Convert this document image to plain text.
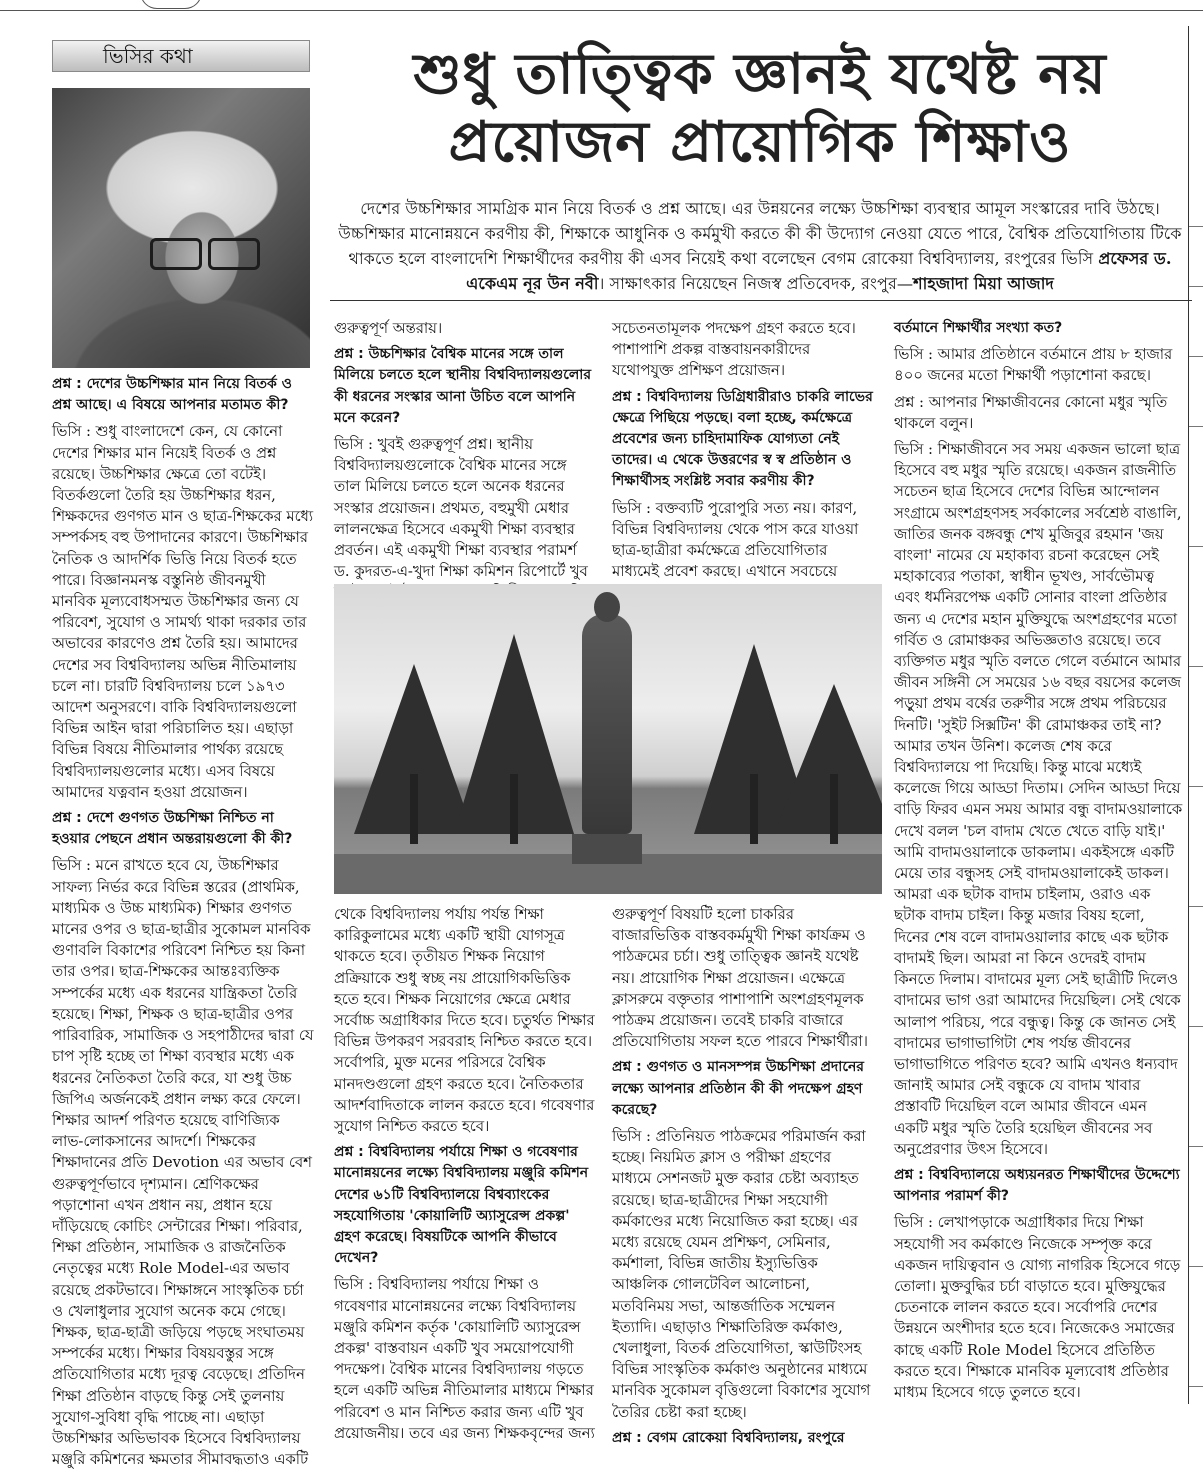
ভিসির কথা	শুধু তাত্ত্বিক জ্ঞানই যথেষ্ট নয়
প্রয়োজন প্রায়োগিক শিক্ষাও
দেশের উচ্চশিক্ষার সামগ্রিক মান নিয়ে বিতর্ক ও প্রশ্ন আছে। এর উন্নয়নের লক্ষ্যে উচ্চশিক্ষা ব্যবস্থার আমূল সংস্কারের দাবি উঠছে। উচ্চশিক্ষার মানোন্নয়নে করণীয় কী, শিক্ষাকে আধুনিক ও কর্মমুখী করতে কী কী উদ্যোগ নেওয়া যেতে পারে, বৈশ্বিক প্রতিযোগিতায় টিকে থাকতে হলে বাংলাদেশি শিক্ষার্থীদের করণীয় কী এসব নিয়েই কথা বলেছেন বেগম রোকেয়া বিশ্ববিদ্যালয়, রংপুরের ভিসি প্রফেসর ড. একেএম নূর উন নবী। সাক্ষাৎকার নিয়েছেন নিজস্ব প্রতিবেদক, রংপুর—শাহজাদা মিয়া আজাদ

প্রশ্ন : দেশের উচ্চশিক্ষার মান নিয়ে বিতর্ক ও প্রশ্ন আছে। এ বিষয়ে আপনার মতামত কী?

ভিসি : শুধু বাংলাদেশে কেন, যে কোনো দেশের শিক্ষার মান নিয়েই বিতর্ক ও প্রশ্ন রয়েছে। উচ্চশিক্ষার ক্ষেত্রে তো বটেই। বিতর্কগুলো তৈরি হয় উচ্চশিক্ষার ধরন, শিক্ষকদের গুণগত মান ও ছাত্র-শিক্ষকের মধ্যে সম্পর্কসহ বহু উপাদানের কারণে। উচ্চশিক্ষার নৈতিক ও আদর্শিক ভিত্তি নিয়ে বিতর্ক হতে পারে। বিজ্ঞানমনস্ক বস্তুনিষ্ঠ জীবনমুখী মানবিক মূল্যবোধসম্মত উচ্চশিক্ষার জন্য যে পরিবেশ, সুযোগ ও সামর্থ্য থাকা দরকার তার অভাবের কারণেও প্রশ্ন তৈরি হয়। আমাদের দেশের সব বিশ্ববিদ্যালয় অভিন্ন নীতিমালায় চলে না। চারটি বিশ্ববিদ্যালয় চলে ১৯৭৩ আদেশ অনুসরণে। বাকি বিশ্ববিদ্যালয়গুলো বিভিন্ন আইন দ্বারা পরিচালিত হয়। এছাড়া বিভিন্ন বিষয়ে নীতিমালার পার্থক্য রয়েছে বিশ্ববিদ্যালয়গুলোর মধ্যে। এসব বিষয়ে আমাদের যত্নবান হওয়া প্রয়োজন।

প্রশ্ন : দেশে গুণগত উচ্চশিক্ষা নিশ্চিত না হওয়ার পেছনে প্রধান অন্তরায়গুলো কী কী?

ভিসি : মনে রাখতে হবে যে, উচ্চশিক্ষার সাফল্য নির্ভর করে বিভিন্ন স্তরের (প্রাথমিক, মাধ্যমিক ও উচ্চ মাধ্যমিক) শিক্ষার গুণগত মানের ওপর ও ছাত্র-ছাত্রীর সুকোমল মানবিক গুণাবলি বিকাশের পরিবেশ নিশ্চিত হয় কিনা তার ওপর। ছাত্র-শিক্ষকের আন্তঃব্যক্তিক সম্পর্কের মধ্যে এক ধরনের যান্ত্রিকতা তৈরি হয়েছে। শিক্ষা, শিক্ষক ও ছাত্র-ছাত্রীর ওপর পারিবারিক, সামাজিক ও সহপাঠীদের দ্বারা যে চাপ সৃষ্টি হচ্ছে তা শিক্ষা ব্যবস্থার মধ্যে এক ধরনের নৈতিকতা তৈরি করে, যা শুধু উচ্চ জিপিএ অর্জনকেই প্রধান লক্ষ্য করে ফেলে। শিক্ষার আদর্শ পরিণত হয়েছে বাণিজ্যিক লাভ-লোকসানের আদর্শে। শিক্ষকের শিক্ষাদানের প্রতি Devotion এর অভাব বেশ গুরুত্বপূর্ণভাবে দৃশ্যমান। শ্রেণিকক্ষের পড়াশোনা এখন প্রধান নয়, প্রধান হয়ে দাঁড়িয়েছে কোচিং সেন্টারের শিক্ষা। পরিবার, শিক্ষা প্রতিষ্ঠান, সামাজিক ও রাজনৈতিক নেতৃত্বের মধ্যে Role Model-এর অভাব রয়েছে প্রকটভাবে। শিক্ষাঙ্গনে সাংস্কৃতিক চর্চা ও খেলাধুলার সুযোগ অনেক কমে গেছে। শিক্ষক, ছাত্র-ছাত্রী জড়িয়ে পড়ছে সংঘাতময় সম্পর্কের মধ্যে। শিক্ষার বিষয়বস্তুর সঙ্গে প্রতিযোগিতার মধ্যে দূরত্ব বেড়েছে। প্রতিদিন শিক্ষা প্রতিষ্ঠান বাড়ছে কিন্তু সেই তুলনায় সুযোগ-সুবিধা বৃদ্ধি পাচ্ছে না। এছাড়া উচ্চশিক্ষার অভিভাবক হিসেবে বিশ্ববিদ্যালয় মঞ্জুরি কমিশনের ক্ষমতার সীমাবদ্ধতাও একটি

গুরুত্বপূর্ণ অন্তরায়।

প্রশ্ন : উচ্চশিক্ষার বৈশ্বিক মানের সঙ্গে তাল মিলিয়ে চলতে হলে স্থানীয় বিশ্ববিদ্যালয়গুলোর কী ধরনের সংস্কার আনা উচিত বলে আপনি মনে করেন?

ভিসি : খুবই গুরুত্বপূর্ণ প্রশ্ন। স্থানীয় বিশ্ববিদ্যালয়গুলোকে বৈশ্বিক মানের সঙ্গে তাল মিলিয়ে চলতে হলে অনেক ধরনের সংস্কার প্রয়োজন। প্রথমত, বহুমুখী মেধার লালনক্ষেত্র হিসেবে একমুখী শিক্ষা ব্যবস্থার প্রবর্তন। এই একমুখী শিক্ষা ব্যবস্থার পরামর্শ ড. কুদরত-এ-খুদা শিক্ষা কমিশন রিপোর্টে খুব

সচেতনতামূলক পদক্ষেপ গ্রহণ করতে হবে। পাশাপাশি প্রকল্প বাস্তবায়নকারীদের যথোপযুক্ত প্রশিক্ষণ প্রয়োজন।

প্রশ্ন : বিশ্ববিদ্যালয় ডিগ্রিধারীরাও চাকরি লাভের ক্ষেত্রে পিছিয়ে পড়ছে। বলা হচ্ছে, কর্মক্ষেত্রে প্রবেশের জন্য চাহিদামাফিক যোগ্যতা নেই তাদের। এ থেকে উত্তরণের স্ব স্ব প্রতিষ্ঠান ও শিক্ষার্থীসহ সংশ্লিষ্ট সবার করণীয় কী?

ভিসি : বক্তব্যটি পুরোপুরি সত্য নয়। কারণ, বিভিন্ন বিশ্ববিদ্যালয় থেকে পাস করে যাওয়া ছাত্র-ছাত্রীরা কর্মক্ষেত্রে প্রতিযোগিতার মাধ্যমেই প্রবেশ করছে। এখানে সবচেয়ে

বর্তমানে শিক্ষার্থীর সংখ্যা কত?

ভিসি : আমার প্রতিষ্ঠানে বর্তমানে প্রায় ৮ হাজার ৪০০ জনের মতো শিক্ষার্থী পড়াশোনা করছে।

প্রশ্ন : আপনার শিক্ষাজীবনের কোনো মধুর স্মৃতি থাকলে বলুন।

ভিসি : শিক্ষাজীবনে সব সময় একজন ভালো ছাত্র হিসেবে বহু মধুর স্মৃতি রয়েছে। একজন রাজনীতি সচেতন ছাত্র হিসেবে দেশের বিভিন্ন আন্দোলন সংগ্রামে অংশগ্রহণসহ সর্বকালের সর্বশ্রেষ্ঠ বাঙালি, জাতির জনক বঙ্গবন্ধু শেখ মুজিবুর রহমান 'জয় বাংলা' নামের যে মহাকাব্য রচনা করেছেন সেই মহাকাব্যের পতাকা, স্বাধীন ভূখণ্ড, সার্বভৌমত্ব এবং ধর্মনিরপেক্ষ একটি সোনার বাংলা প্রতিষ্ঠার জন্য এ দেশের মহান মুক্তিযুদ্ধে অংশগ্রহণের মতো গর্বিত ও রোমাঞ্চকর অভিজ্ঞতাও রয়েছে। তবে ব্যক্তিগত মধুর স্মৃতি বলতে গেলে বর্তমানে আমার জীবন সঙ্গিনী সে সময়ের ১৬ বছর বয়সের কলেজ পড়ুয়া প্রথম বর্ষের তরুণীর সঙ্গে প্রথম পরিচয়ের দিনটি। 'সুইট সিক্সটিন' কী রোমাঞ্চকর তাই না? আমার তখন উনিশ। কলেজ শেষ করে বিশ্ববিদ্যালয়ে পা দিয়েছি। কিন্তু মাঝে মধ্যেই কলেজে গিয়ে আড্ডা দিতাম। সেদিন আড্ডা দিয়ে বাড়ি ফিরব এমন সময় আমার বন্ধু বাদামওয়ালাকে দেখে বলল 'চল বাদাম খেতে খেতে বাড়ি যাই।' আমি বাদামওয়ালাকে ডাকলাম। একইসঙ্গে একটি মেয়ে তার বন্ধুসহ সেই বাদামওয়ালাকেই ডাকল। আমরা এক ছটাক বাদাম চাইলাম, ওরাও এক ছটাক বাদাম চাইল। কিন্তু মজার বিষয় হলো, দিনের শেষ বলে বাদামওয়ালার কাছে এক ছটাক বাদামই ছিল। আমরা না কিনে ওদেরই বাদাম কিনতে দিলাম। বাদামের মূল্য সেই ছাত্রীটি দিলেও বাদামের ভাগ ওরা আমাদের দিয়েছিল। সেই থেকে আলাপ পরিচয়, পরে বন্ধুত্ব। কিন্তু কে জানত সেই বাদামের ভাগাভাগিটা শেষ পর্যন্ত জীবনের ভাগাভাগিতে পরিণত হবে? আমি এখনও ধন্যবাদ জানাই আমার সেই বন্ধুকে যে বাদাম খাবার প্রস্তাবটি দিয়েছিল বলে আমার জীবনে এমন একটি মধুর স্মৃতি তৈরি হয়েছিল জীবনের সব অনুপ্রেরণার উৎস হিসেবে।

প্রশ্ন : বিশ্ববিদ্যালয়ে অধ্যয়নরত শিক্ষার্থীদের উদ্দেশ্যে আপনার পরামর্শ কী?

ভিসি : লেখাপড়াকে অগ্রাধিকার দিয়ে শিক্ষা সহযোগী সব কর্মকাণ্ডে নিজেকে সম্পৃক্ত করে একজন দায়িত্ববান ও যোগ্য নাগরিক হিসেবে গড়ে তোলা। মুক্তবুদ্ধির চর্চা বাড়াতে হবে। মুক্তিযুদ্ধের চেতনাকে লালন করতে হবে। সর্বোপরি দেশের উন্নয়নে অংশীদার হতে হবে। নিজেকেও সমাজের কাছে একটি Role Model হিসেবে প্রতিষ্ঠিত করতে হবে। শিক্ষাকে মানবিক মূল্যবোধ প্রতিষ্ঠার মাধ্যম হিসেবে গড়ে তুলতে হবে।

থেকে বিশ্ববিদ্যালয় পর্যায় পর্যন্ত শিক্ষা কারিকুলামের মধ্যে একটি স্থায়ী যোগসূত্র থাকতে হবে। তৃতীয়ত শিক্ষক নিয়োগ প্রক্রিয়াকে শুধু স্বচ্ছ নয় প্রায়োগিকভিত্তিক হতে হবে। শিক্ষক নিয়োগের ক্ষেত্রে মেধার সর্বোচ্চ অগ্রাধিকার দিতে হবে। চতুর্থত শিক্ষার বিভিন্ন উপকরণ সরবরাহ নিশ্চিত করতে হবে। সর্বোপরি, মুক্ত মনের পরিসরে বৈশ্বিক মানদণ্ডগুলো গ্রহণ করতে হবে। নৈতিকতার আদর্শবাদিতাকে লালন করতে হবে। গবেষণার সুযোগ নিশ্চিত করতে হবে।

প্রশ্ন : বিশ্ববিদ্যালয় পর্যায়ে শিক্ষা ও গবেষণার মানোন্নয়নের লক্ষ্যে বিশ্ববিদ্যালয় মঞ্জুরি কমিশন দেশের ৬১টি বিশ্ববিদ্যালয়ে বিশ্বব্যাংকের সহযোগিতায় 'কোয়ালিটি অ্যাসুরেন্স প্রকল্প' গ্রহণ করেছে। বিষয়টিকে আপনি কীভাবে দেখেন?

ভিসি : বিশ্ববিদ্যালয় পর্যায়ে শিক্ষা ও গবেষণার মানোন্নয়নের লক্ষ্যে বিশ্ববিদ্যালয় মঞ্জুরি কমিশন কর্তৃক 'কোয়ালিটি অ্যাসুরেন্স প্রকল্প' বাস্তবায়ন একটি খুব সময়োপযোগী পদক্ষেপ। বৈশ্বিক মানের বিশ্ববিদ্যালয় গড়তে হলে একটি অভিন্ন নীতিমালার মাধ্যমে শিক্ষার পরিবেশ ও মান নিশ্চিত করার জন্য এটি খুব প্রয়োজনীয়। তবে এর জন্য শিক্ষকবৃন্দের জন্য

গুরুত্বপূর্ণ বিষয়টি হলো চাকরির বাজারভিত্তিক বাস্তবকর্মমুখী শিক্ষা কার্যক্রম ও পাঠক্রমের চর্চা। শুধু তাত্ত্বিক জ্ঞানই যথেষ্ট নয়। প্রায়োগিক শিক্ষা প্রয়োজন। এক্ষেত্রে ক্লাসরুমে বক্তৃতার পাশাপাশি অংশগ্রহণমূলক পাঠক্রম প্রয়োজন। তবেই চাকরি বাজারে প্রতিযোগিতায় সফল হতে পারবে শিক্ষার্থীরা।

প্রশ্ন : গুণগত ও মানসম্পন্ন উচ্চশিক্ষা প্রদানের লক্ষ্যে আপনার প্রতিষ্ঠান কী কী পদক্ষেপ গ্রহণ করেছে?

ভিসি : প্রতিনিয়ত পাঠক্রমের পরিমার্জন করা হচ্ছে। নিয়মিত ক্লাস ও পরীক্ষা গ্রহণের মাধ্যমে সেশনজট মুক্ত করার চেষ্টা অব্যাহত রয়েছে। ছাত্র-ছাত্রীদের শিক্ষা সহযোগী কর্মকাণ্ডের মধ্যে নিয়োজিত করা হচ্ছে। এর মধ্যে রয়েছে যেমন প্রশিক্ষণ, সেমিনার, কর্মশালা, বিভিন্ন জাতীয় ইস্যুভিত্তিক আঞ্চলিক গোলটেবিল আলোচনা, মতবিনিময় সভা, আন্তর্জাতিক সম্মেলন ইত্যাদি। এছাড়াও শিক্ষাতিরিক্ত কর্মকাণ্ড, খেলাধুলা, বিতর্ক প্রতিযোগিতা, স্কাউটিংসহ বিভিন্ন সাংস্কৃতিক কর্মকাণ্ড অনুষ্ঠানের মাধ্যমে মানবিক সুকোমল বৃত্তিগুলো বিকাশের সুযোগ তৈরির চেষ্টা করা হচ্ছে।

প্রশ্ন : বেগম রোকেয়া বিশ্ববিদ্যালয়, রংপুরে
